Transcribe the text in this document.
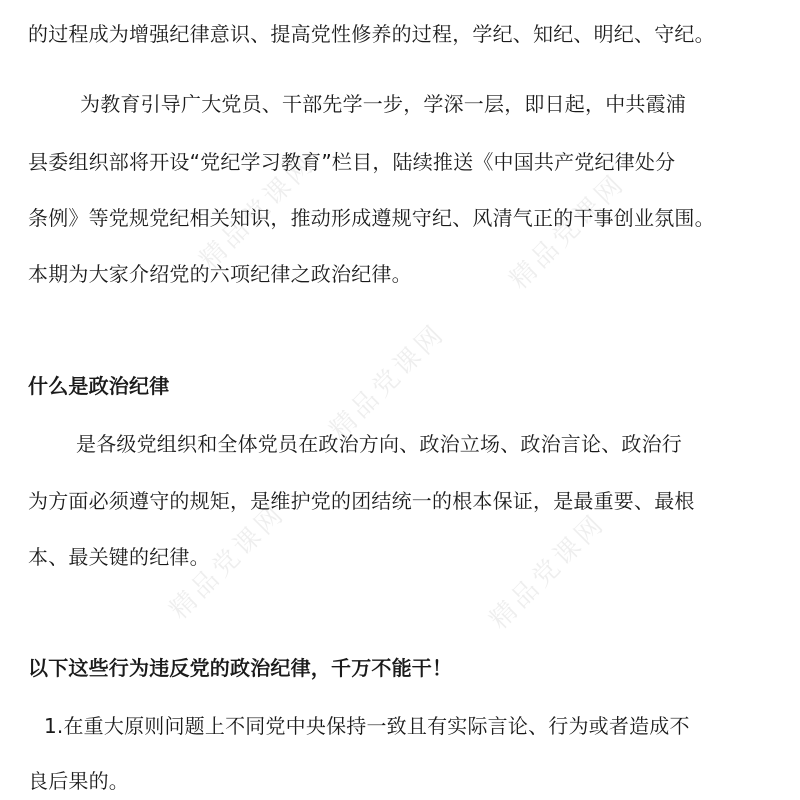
精品党课网	精品党课网
精品党课网
精品党课网	精品党课网
的过程成为增强纪律意识、提高党性修养的过程，学纪、知纪、明纪、守纪。
为教育引导广大党员、干部先学一步，学深一层，即日起，中共霞浦
县委组织部将开设“党纪学习教育”栏目，陆续推送《中国共产党纪律处分
条例》等党规党纪相关知识，推动形成遵规守纪、风清气正的干事创业氛围。
本期为大家介绍党的六项纪律之政治纪律。
什么是政治纪律
是各级党组织和全体党员在政治方向、政治立场、政治言论、政治行
为方面必须遵守的规矩，是维护党的团结统一的根本保证，是最重要、最根
本、最关键的纪律。
以下这些行为违反党的政治纪律，千万不能干！
1.在重大原则问题上不同党中央保持一致且有实际言论、行为或者造成不
良后果的。
